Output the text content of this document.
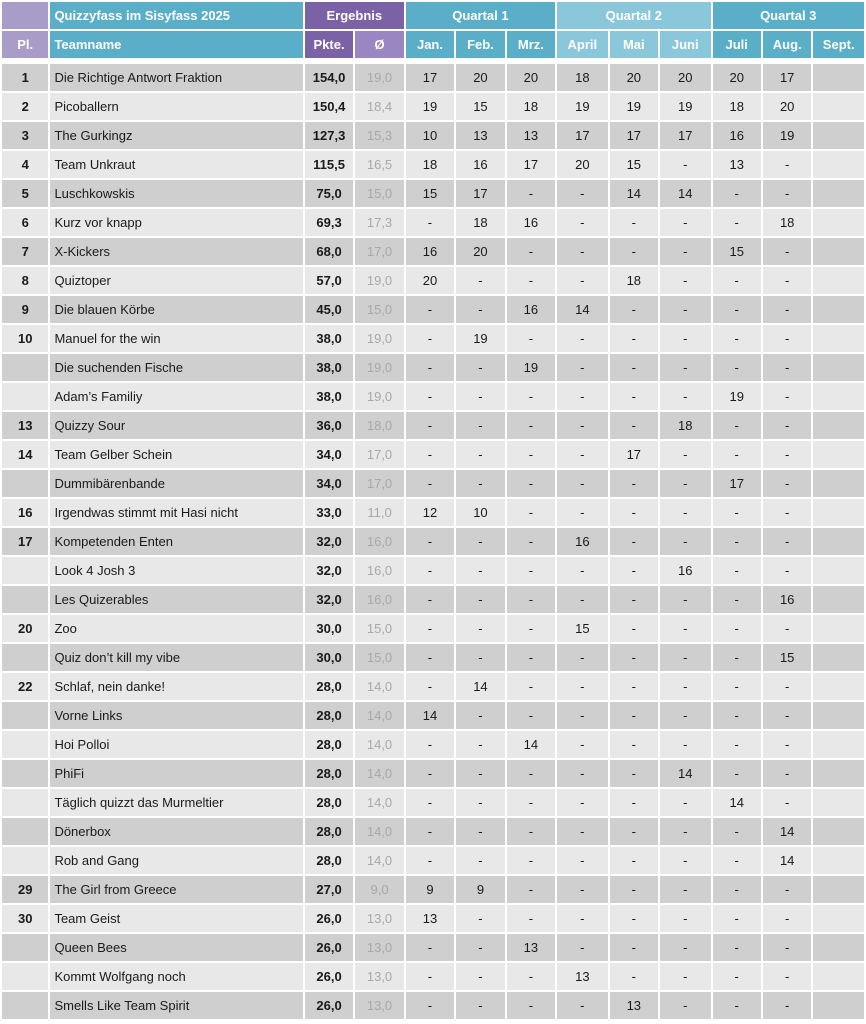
	Quizzyfass im Sisyfass 2025	Ergebnis		Quartal 1			Quartal 2			Quartal 3		
Pl.	Teamname	Pkte.	Ø	Jan.	Feb.	Mrz.	April	Mai	Juni	Juli	Aug.	Sept.

1	Die Richtige Antwort Fraktion	154,0	19,0	17	20	20	18	20	20	20	17	
2	Picoballern	150,4	18,4	19	15	18	19	19	19	18	20	
3	The Gurkingz	127,3	15,3	10	13	13	17	17	17	16	19	
4	Team Unkraut	115,5	16,5	18	16	17	20	15	-	13	-	
5	Luschkowskis	75,0	15,0	15	17	-	-	14	14	-	-	
6	Kurz vor knapp	69,3	17,3	-	18	16	-	-	-	-	18	
7	X-Kickers	68,0	17,0	16	20	-	-	-	-	15	-	
8	Quiztoper	57,0	19,0	20	-	-	-	18	-	-	-	
9	Die blauen Körbe	45,0	15,0	-	-	16	14	-	-	-	-	
10	Manuel for the win	38,0	19,0	-	19	-	-	-	-	-	-	
	Die suchenden Fische	38,0	19,0	-	-	19	-	-	-	-	-	
	Adam’s Familiy	38,0	19,0	-	-	-	-	-	-	19	-	
13	Quizzy Sour	36,0	18,0	-	-	-	-	-	18	-	-	
14	Team Gelber Schein	34,0	17,0	-	-	-	-	17	-	-	-	
	Dummibärenbande	34,0	17,0	-	-	-	-	-	-	17	-	
16	Irgendwas stimmt mit Hasi nicht	33,0	11,0	12	10	-	-	-	-	-	-	
17	Kompetenden Enten	32,0	16,0	-	-	-	16	-	-	-	-	
	Look 4 Josh 3	32,0	16,0	-	-	-	-	-	16	-	-	
	Les Quizerables	32,0	16,0	-	-	-	-	-	-	-	16	
20	Zoo	30,0	15,0	-	-	-	15	-	-	-	-	
	Quiz don’t kill my vibe	30,0	15,0	-	-	-	-	-	-	-	15	
22	Schlaf, nein danke!	28,0	14,0	-	14	-	-	-	-	-	-	
	Vorne Links	28,0	14,0	14	-	-	-	-	-	-	-	
	Hoi Polloi	28,0	14,0	-	-	14	-	-	-	-	-	
	PhiFi	28,0	14,0	-	-	-	-	-	14	-	-	
	Täglich quizzt das Murmeltier	28,0	14,0	-	-	-	-	-	-	14	-	
	Dönerbox	28,0	14,0	-	-	-	-	-	-	-	14	
	Rob and Gang	28,0	14,0	-	-	-	-	-	-	-	14	
29	The Girl from Greece	27,0	9,0	9	9	-	-	-	-	-	-	
30	Team Geist	26,0	13,0	13	-	-	-	-	-	-	-	
	Queen Bees	26,0	13,0	-	-	13	-	-	-	-	-	
	Kommt Wolfgang noch	26,0	13,0	-	-	-	13	-	-	-	-	
	Smells Like Team Spirit	26,0	13,0	-	-	-	-	13	-	-	-	
